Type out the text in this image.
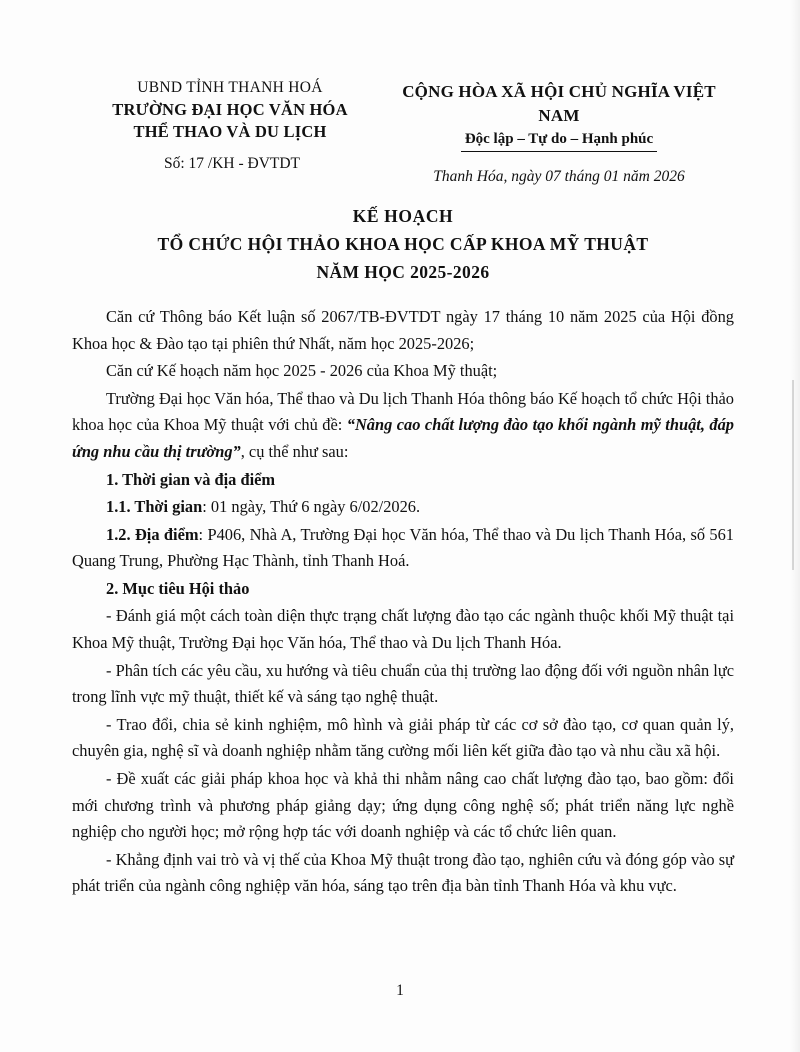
UBND TỈNH THANH HOÁ
TRƯỜNG ĐẠI HỌC VĂN HÓA
THỂ THAO VÀ DU LỊCH
Số: 17 /KH - ĐVTDT
CỘNG HÒA XÃ HỘI CHỦ NGHĨA VIỆT NAM
Độc lập – Tự do – Hạnh phúc
Thanh Hóa, ngày 07 tháng 01 năm 2026
KẾ HOẠCH
TỔ CHỨC HỘI THẢO KHOA HỌC CẤP KHOA MỸ THUẬT
NĂM HỌC 2025-2026

Căn cứ Thông báo Kết luận số 2067/TB-ĐVTDT ngày 17 tháng 10 năm 2025 của Hội đồng Khoa học & Đào tạo tại phiên thứ Nhất, năm học 2025-2026;

Căn cứ Kế hoạch năm học 2025 - 2026 của Khoa Mỹ thuật;

Trường Đại học Văn hóa, Thể thao và Du lịch Thanh Hóa thông báo Kế hoạch tổ chức Hội thảo khoa học của Khoa Mỹ thuật với chủ đề: “Nâng cao chất lượng đào tạo khối ngành mỹ thuật, đáp ứng nhu cầu thị trường”, cụ thể như sau:

1. Thời gian và địa điểm

1.1. Thời gian: 01 ngày, Thứ 6 ngày 6/02/2026.

1.2. Địa điểm: P406, Nhà A, Trường Đại học Văn hóa, Thể thao và Du lịch Thanh Hóa, số 561 Quang Trung, Phường Hạc Thành, tỉnh Thanh Hoá.

2. Mục tiêu Hội thảo

- Đánh giá một cách toàn diện thực trạng chất lượng đào tạo các ngành thuộc khối Mỹ thuật tại Khoa Mỹ thuật, Trường Đại học Văn hóa, Thể thao và Du lịch Thanh Hóa.

- Phân tích các yêu cầu, xu hướng và tiêu chuẩn của thị trường lao động đối với nguồn nhân lực trong lĩnh vực mỹ thuật, thiết kế và sáng tạo nghệ thuật.

- Trao đổi, chia sẻ kinh nghiệm, mô hình và giải pháp từ các cơ sở đào tạo, cơ quan quản lý, chuyên gia, nghệ sĩ và doanh nghiệp nhằm tăng cường mối liên kết giữa đào tạo và nhu cầu xã hội.

- Đề xuất các giải pháp khoa học và khả thi nhằm nâng cao chất lượng đào tạo, bao gồm: đổi mới chương trình và phương pháp giảng dạy; ứng dụng công nghệ số; phát triển năng lực nghề nghiệp cho người học; mở rộng hợp tác với doanh nghiệp và các tổ chức liên quan.

- Khẳng định vai trò và vị thế của Khoa Mỹ thuật trong đào tạo, nghiên cứu và đóng góp vào sự phát triển của ngành công nghiệp văn hóa, sáng tạo trên địa bàn tỉnh Thanh Hóa và khu vực.

1
